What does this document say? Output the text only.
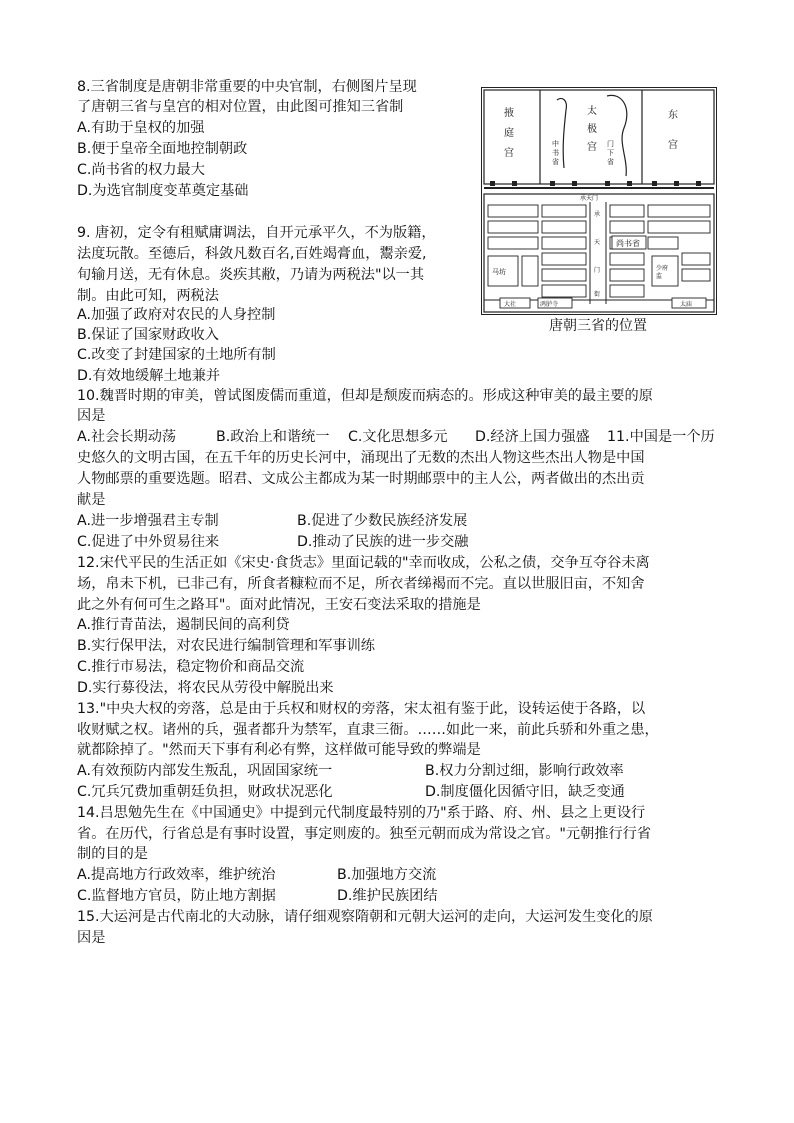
8.三省制度是唐朝非常重要的中央官制，右侧图片呈现
了唐朝三省与皇宫的相对位置，由此图可推知三省制
A.有助于皇权的加强
B.便于皇帝全面地控制朝政
C.尚书省的权力最大
D.为选官制度变革奠定基础
掖
庭
宫
太
极
宫
东
宫
中
书
省
门
下
省
承天门
承
天
门
街
尚书省
马坊	少府
监
大社	鸿胪寺	太庙
唐朝三省的位置
9. 唐初，定令有租赋庸调法，自开元承平久，不为版籍，
法度玩散。至德后，科敛凡数百名,百姓竭膏血，鬻亲爱,
旬输月送，无有休息。炎疾其敝，乃请为两税法"以一其
制。由此可知，两税法
A.加强了政府对农民的人身控制
B.保证了国家财政收入
C.改变了封建国家的土地所有制
D.有效地缓解土地兼并
10.魏晋时期的审美，曾试图废儒而重道，但却是颓废而病态的。形成这种审美的最主要的原
因是
A.社会长期动荡	B.政治上和谐统一 C.文化思想多元 D.经济上国力强盛 11.中国是一个历
史悠久的文明古国，在五千年的历史长河中，涌现出了无数的杰出人物这些杰出人物是中国
人物邮票的重要选题。昭君、文成公主都成为某一时期邮票中的主人公，两者做出的杰出贡
献是
A.进一步增强君主专制	B.促进了少数民族经济发展
C.促进了中外贸易往来	D.推动了民族的进一步交融
12.宋代平民的生活正如《宋史·食货志》里面记载的"幸而收成，公私之债，交争互夺谷未离
场，帛未下机，已非己有，所食者糠粒而不足，所衣者绨褐而不完。直以世服旧亩，不知舍
此之外有何可生之路耳"。面对此情况，王安石变法采取的措施是
A.推行青苗法，遏制民间的高利贷
B.实行保甲法，对农民进行编制管理和军事训练
C.推行市易法，稳定物价和商品交流
D.实行募役法，将农民从劳役中解脱出来
13."中央大权的旁落，总是由于兵权和财权的旁落，宋太祖有鉴于此，设转运使于各路，以
收财赋之权。诸州的兵，强者都升为禁军，直隶三衙。……如此一来，前此兵骄和外重之患，
就都除掉了。"然而天下事有利必有弊，这样做可能导致的弊端是
A.有效预防内部发生叛乱，巩固国家统一	B.权力分割过细，影响行政效率
C.冗兵冗费加重朝廷负担，财政状况恶化	D.制度僵化因循守旧，缺乏变通
14.吕思勉先生在《中国通史》中提到元代制度最特别的乃"系于路、府、州、县之上更设行
省。在历代，行省总是有事时设置，事定则废的。独至元朝而成为常设之官。"元朝推行行省
制的目的是
A.提高地方行政效率，维护统治	B.加强地方交流
C.监督地方官员，防止地方割据	D.维护民族团结
15.大运河是古代南北的大动脉，请仔细观察隋朝和元朝大运河的走向，大运河发生变化的原
因是
